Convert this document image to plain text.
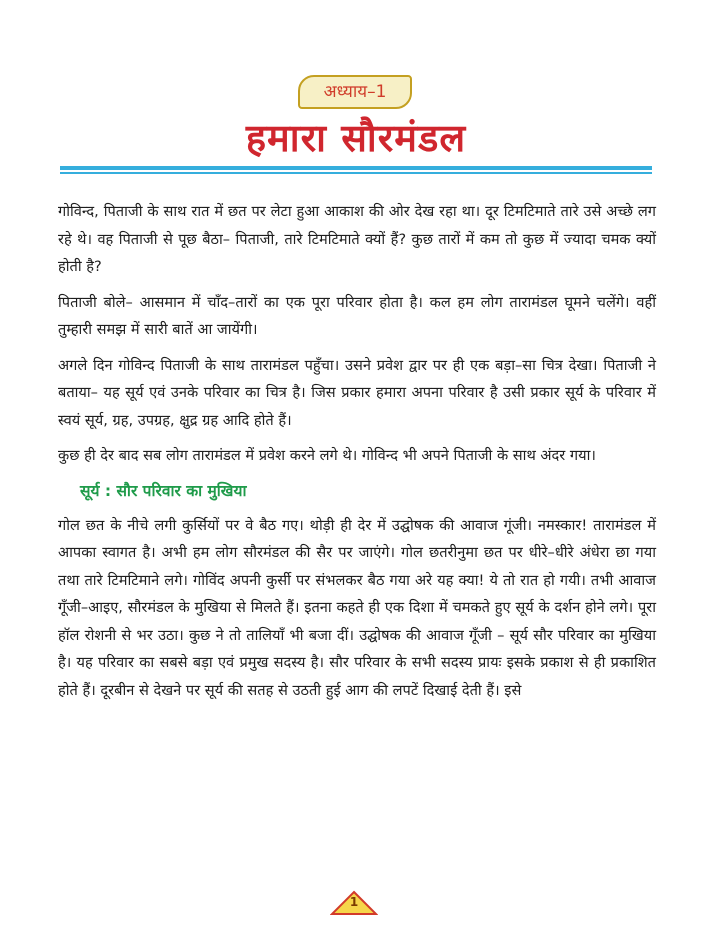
अध्याय–1
हमारा सौरमंडल

गोविन्द, पिताजी के साथ रात में छत पर लेटा हुआ आकाश की ओर देख रहा था। दूर टिमटिमाते तारे उसे अच्छे लग रहे थे। वह पिताजी से पूछ बैठा– पिताजी, तारे टिमटिमाते क्यों हैं? कुछ तारों में कम तो कुछ में ज्यादा चमक क्यों होती है?

पिताजी बोले– आसमान में चाँद–तारों का एक पूरा परिवार होता है। कल हम लोग तारामंडल घूमने चलेंगे। वहीं तुम्हारी समझ में सारी बातें आ जायेंगी।

अगले दिन गोविन्द पिताजी के साथ तारामंडल पहुँचा। उसने प्रवेश द्वार पर ही एक बड़ा–सा चित्र देखा। पिताजी ने बताया– यह सूर्य एवं उनके परिवार का चित्र है। जिस प्रकार हमारा अपना परिवार है उसी प्रकार सूर्य के परिवार में स्वयं सूर्य, ग्रह, उपग्रह, क्षुद्र ग्रह आदि होते हैं।

कुछ ही देर बाद सब लोग तारामंडल में प्रवेश करने लगे थे। गोविन्द भी अपने पिताजी के साथ अंदर गया।

सूर्य : सौर परिवार का मुखिया

गोल छत के नीचे लगी कुर्सियों पर वे बैठ गए। थोड़ी ही देर में उद्घोषक की आवाज गूंजी। नमस्कार! तारामंडल में आपका स्वागत है। अभी हम लोग सौरमंडल की सैर पर जाएंगे। गोल छतरीनुमा छत पर धीरे–धीरे अंधेरा छा गया तथा तारे टिमटिमाने लगे। गोविंद अपनी कुर्सी पर संभलकर बैठ गया अरे यह क्या! ये तो रात हो गयी। तभी आवाज गूँजी–आइए, सौरमंडल के मुखिया से मिलते हैं। इतना कहते ही एक दिशा में चमकते हुए सूर्य के दर्शन होने लगे। पूरा हॉल रोशनी से भर उठा। कुछ ने तो तालियाँ भी बजा दीं। उद्घोषक की आवाज गूँजी – सूर्य सौर परिवार का मुखिया है। यह परिवार का सबसे बड़ा एवं प्रमुख सदस्य है। सौर परिवार के सभी सदस्य प्रायः इसके प्रकाश से ही प्रकाशित होते हैं। दूरबीन से देखने पर सूर्य की सतह से उठती हुई आग की लपटें दिखाई देती हैं। इसे

1
